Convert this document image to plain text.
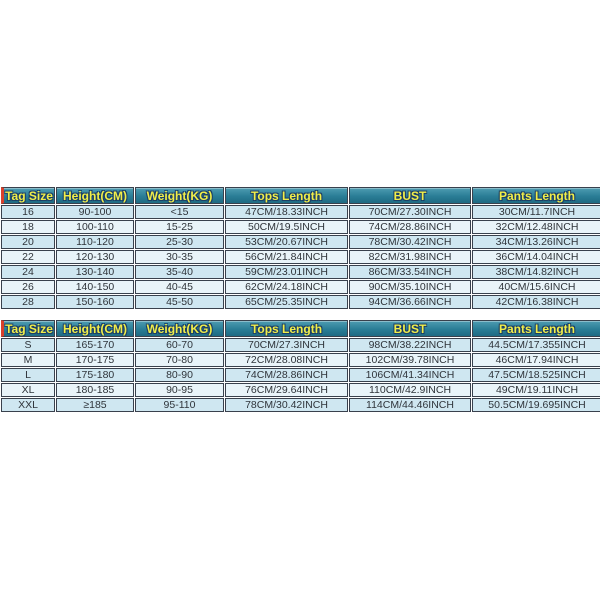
Tag Size	Height(CM)	Weight(KG)	Tops Length	BUST	Pants Length
16	90-100	<15	47CM/18.33INCH	70CM/27.30INCH	30CM/11.7INCH
18	100-110	15-25	50CM/19.5INCH	74CM/28.86INCH	32CM/12.48INCH
20	110-120	25-30	53CM/20.67INCH	78CM/30.42INCH	34CM/13.26INCH
22	120-130	30-35	56CM/21.84INCH	82CM/31.98INCH	36CM/14.04INCH
24	130-140	35-40	59CM/23.01INCH	86CM/33.54INCH	38CM/14.82INCH
26	140-150	40-45	62CM/24.18INCH	90CM/35.10INCH	40CM/15.6INCH
28	150-160	45-50	65CM/25.35INCH	94CM/36.66INCH	42CM/16.38INCH
Tag Size	Height(CM)	Weight(KG)	Tops Length	BUST	Pants Length
S	165-170	60-70	70CM/27.3INCH	98CM/38.22INCH	44.5CM/17.355INCH
M	170-175	70-80	72CM/28.08INCH	102CM/39.78INCH	46CM/17.94INCH
L	175-180	80-90	74CM/28.86INCH	106CM/41.34INCH	47.5CM/18.525INCH
XL	180-185	90-95	76CM/29.64INCH	110CM/42.9INCH	49CM/19.11INCH
XXL	≥185	95-110	78CM/30.42INCH	114CM/44.46INCH	50.5CM/19.695INCH
